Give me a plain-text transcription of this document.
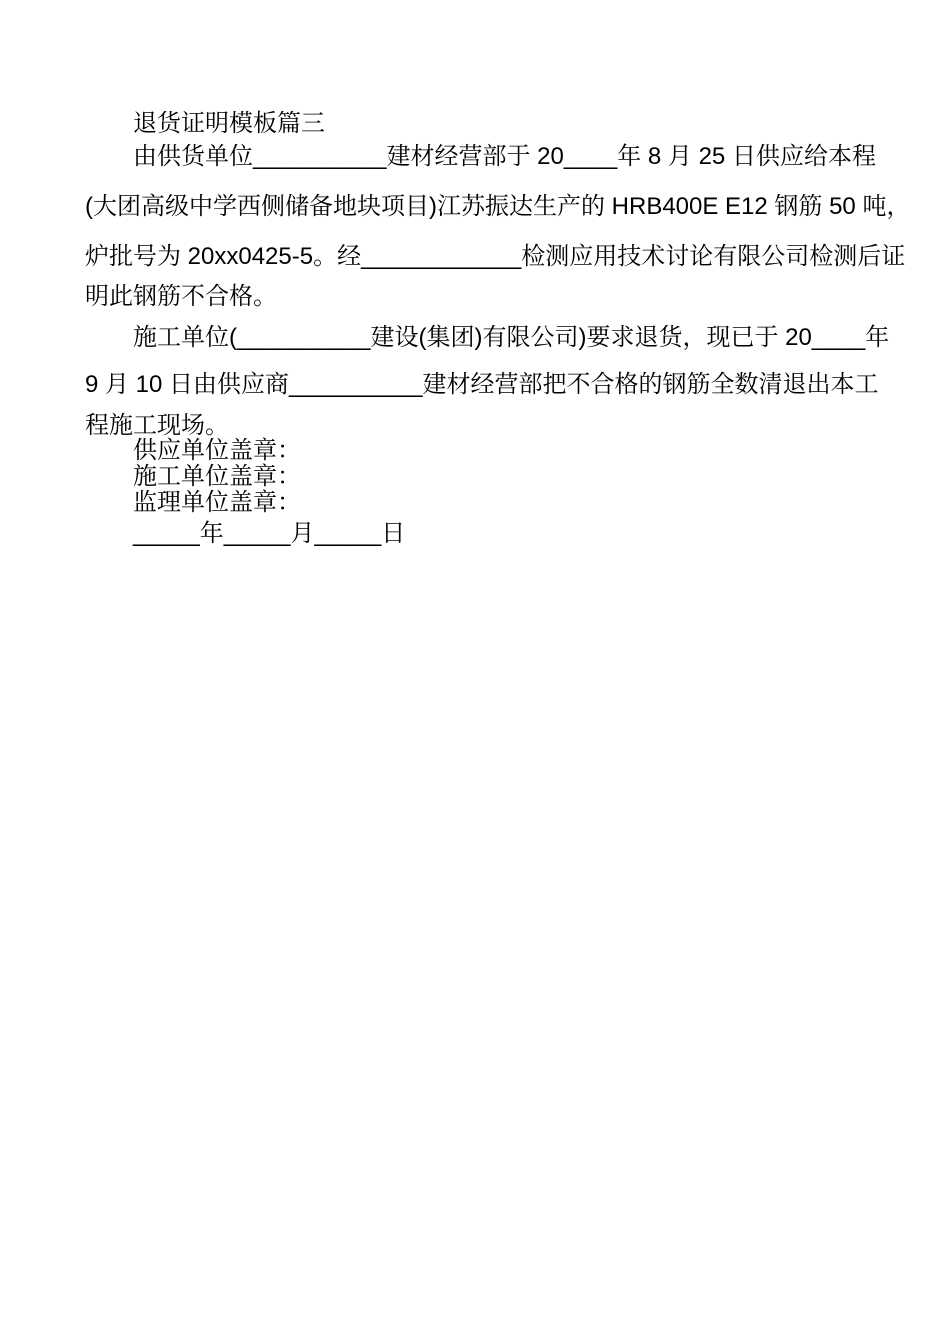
退货证明模板篇三
由供货单位__________建材经营部于 20____年 8 月 25 日供应给本程
(大团高级中学西侧储备地块项目)江苏振达生产的 HRB400E E12 钢筋 50 吨，
炉批号为 20xx0425-5。经____________检测应用技术讨论有限公司检测后证
明此钢筋不合格。
施工单位(__________建设(集团)有限公司)要求退货，现已于 20____年
9 月 10 日由供应商__________建材经营部把不合格的钢筋全数清退出本工
程施工现场。
供应单位盖章：
施工单位盖章：
监理单位盖章：
_____年_____月_____日
